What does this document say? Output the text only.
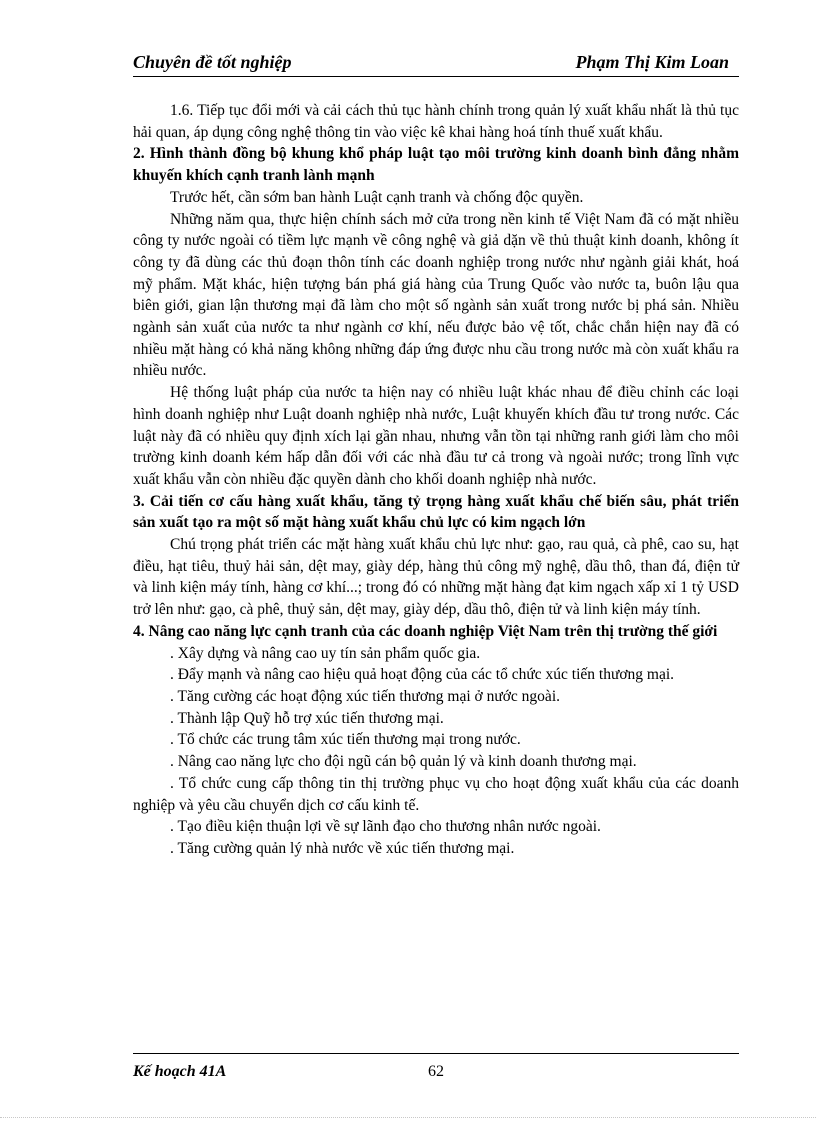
Chuyên đề tốt nghiệp	Phạm Thị Kim Loan

1.6. Tiếp tục đổi mới và cải cách thủ tục hành chính trong quản lý xuất khẩu nhất là thủ tục hải quan, áp dụng công nghệ thông tin vào việc kê khai hàng hoá tính thuế xuất khẩu.

2. Hình thành đồng bộ khung khổ pháp luật tạo môi trường kinh doanh bình đẳng nhằm khuyến khích cạnh tranh lành mạnh

Trước hết, cần sớm ban hành Luật cạnh tranh và chống độc quyền.

Những năm qua, thực hiện chính sách mở cửa trong nền kinh tế Việt Nam đã có mặt nhiều công ty nước ngoài có tiềm lực mạnh về công nghệ và giả dặn về thủ thuật kinh doanh, không ít công ty đã dùng các thủ đoạn thôn tính các doanh nghiệp trong nước như ngành giải khát, hoá mỹ phẩm. Mặt khác, hiện tượng bán phá giá hàng của Trung Quốc vào nước ta, buôn lậu qua biên giới, gian lận thương mại đã làm cho một số ngành sản xuất trong nước bị phá sản. Nhiều ngành sản xuất của nước ta như ngành cơ khí, nếu được bảo vệ tốt, chắc chắn hiện nay đã có nhiều mặt hàng có khả năng không những đáp ứng được nhu cầu trong nước mà còn xuất khẩu ra nhiều nước.

Hệ thống luật pháp của nước ta hiện nay có nhiều luật khác nhau để điều chỉnh các loại hình doanh nghiệp như Luật doanh nghiệp nhà nước, Luật khuyến khích đầu tư trong nước. Các luật này đã có nhiều quy định xích lại gần nhau, nhưng vẫn tồn tại những ranh giới làm cho môi trường kinh doanh kém hấp dẫn đối với các nhà đầu tư cả trong và ngoài nước; trong lĩnh vực xuất khẩu vẫn còn nhiều đặc quyền dành cho khối doanh nghiệp nhà nước.

3. Cải tiến cơ cấu hàng xuất khẩu, tăng tỷ trọng hàng xuất khẩu chế biến sâu, phát triển sản xuất tạo ra một số mặt hàng xuất khẩu chủ lực có kim ngạch lớn

Chú trọng phát triển các mặt hàng xuất khẩu chủ lực như: gạo, rau quả, cà phê, cao su, hạt điều, hạt tiêu, thuỷ hải sản, dệt may, giày dép, hàng thủ công mỹ nghệ, dầu thô, than đá, điện tử và linh kiện máy tính, hàng cơ khí...; trong đó có những mặt hàng đạt kim ngạch xấp xỉ 1 tỷ USD trở lên như: gạo, cà phê, thuỷ sản, dệt may, giày dép, dầu thô, điện tử và linh kiện máy tính.

4. Nâng cao năng lực cạnh tranh của các doanh nghiệp Việt Nam trên thị trường thế giới

. Xây dựng và nâng cao uy tín sản phẩm quốc gia.

. Đẩy mạnh và nâng cao hiệu quả hoạt động của các tổ chức xúc tiến thương mại.

. Tăng cường các hoạt động xúc tiến thương mại ở nước ngoài.

. Thành lập Quỹ hỗ trợ xúc tiến thương mại.

. Tổ chức các trung tâm xúc tiến thương mại trong nước.

. Nâng cao năng lực cho đội ngũ cán bộ quản lý và kinh doanh thương mại.

. Tổ chức cung cấp thông tin thị trường phục vụ cho hoạt động xuất khẩu của các doanh nghiệp và yêu cầu chuyển dịch cơ cấu kinh tế.

. Tạo điều kiện thuận lợi về sự lãnh đạo cho thương nhân nước ngoài.

. Tăng cường quản lý nhà nước về xúc tiến thương mại.

Kế hoạch 41A	62
